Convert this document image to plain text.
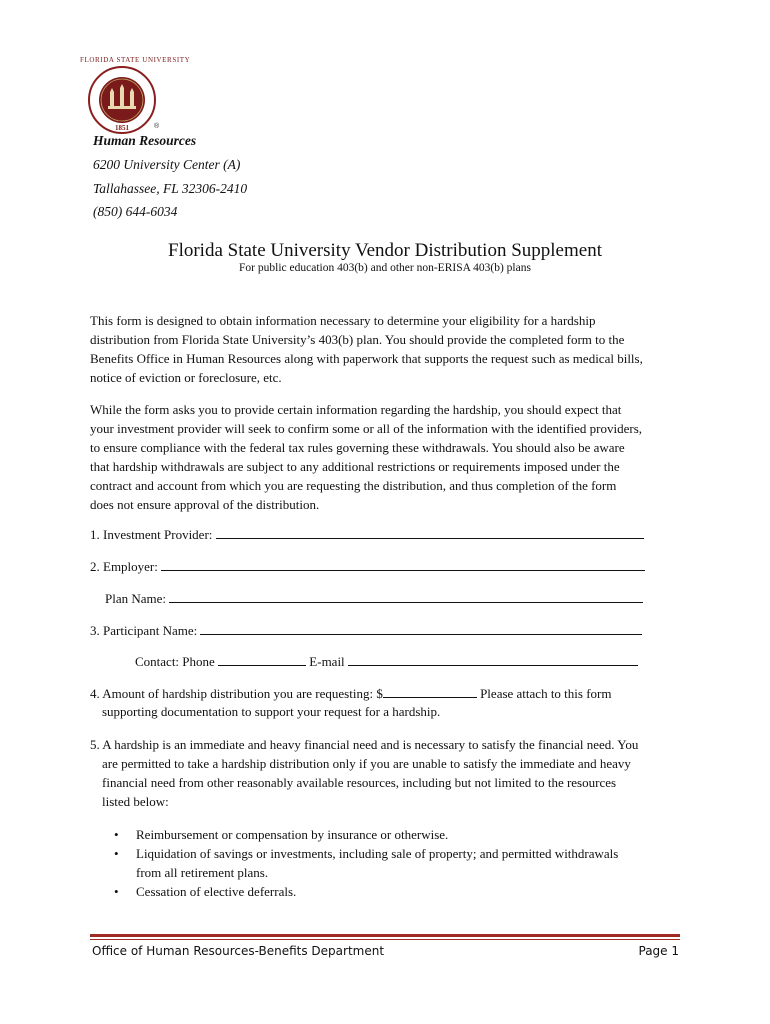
FLORIDA STATE UNIVERSITY
1851	®
Human Resources
6200 University Center (A)
Tallahassee, FL 32306-2410
(850) 644-6034
Florida State University Vendor Distribution Supplement
For public education 403(b) and other non-ERISA 403(b) plans
This form is designed to obtain information necessary to determine your eligibility for a hardship
distribution from Florida State University’s 403(b) plan. You should provide the completed form to the
Benefits Office in Human Resources along with paperwork that supports the request such as medical bills,
notice of eviction or foreclosure, etc.
While the form asks you to provide certain information regarding the hardship, you should expect that
your investment provider will seek to confirm some or all of the information with the identified providers,
to ensure compliance with the federal tax rules governing these withdrawals. You should also be aware
that hardship withdrawals are subject to any additional restrictions or requirements imposed under the
contract and account from which you are requesting the distribution, and thus completion of the form
does not ensure approval of the distribution.
1. Investment Provider:
2. Employer:
Plan Name:
3. Participant Name:
Contact: Phone	E-mail
4. Amount of hardship distribution you are requesting: $	Please attach to this form
supporting documentation to support your request for a hardship.
5. A hardship is an immediate and heavy financial need and is necessary to satisfy the financial need. You
are permitted to take a hardship distribution only if you are unable to satisfy the immediate and heavy
financial need from other reasonably available resources, including but not limited to the resources
listed below:
• Reimbursement or compensation by insurance or otherwise.
• Liquidation of savings or investments, including sale of property; and permitted withdrawals
from all retirement plans.
• Cessation of elective deferrals.
Office of Human Resources-Benefits Department	Page 1
